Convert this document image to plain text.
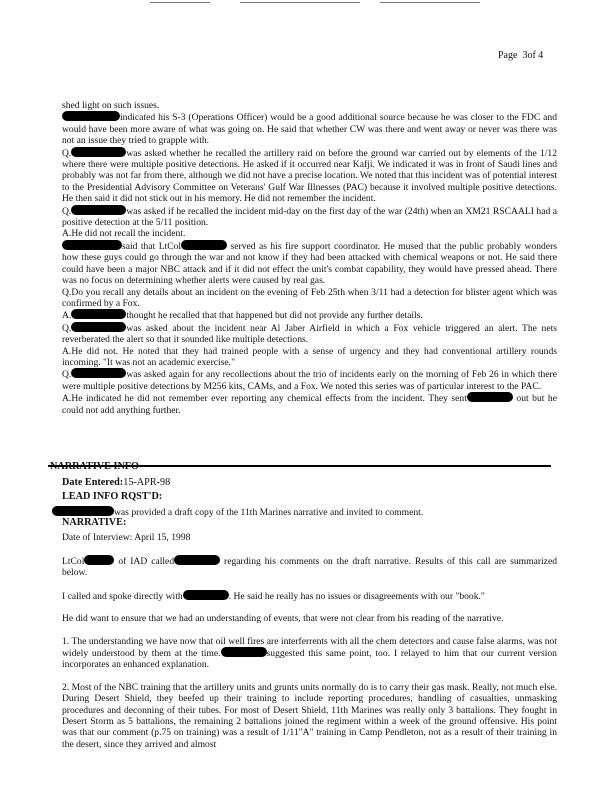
Page 3of 4

shed light on such issues.

indicated his S-3 (Operations Officer) would be a good additional source because he was closer to the FDC and would have been more aware of what was going on. He said that whether CW was there and went away or never was there was not an issue they tried to grapple with.

Q.	was asked whether he recalled the artillery raid on before the ground war carried out by elements of the 1/12 where there were multiple positive detections. He asked if it occurred near Kafji. We indicated it was in front of Saudi lines and probably was not far from there, although we did not have a precise location. We noted that this incident was of potential interest to the Presidential Advisory Committee on Veterans' Gulf War Illnesses (PAC) because it involved multiple positive detections. He then said it did not stick out in his memory. He did not remember the incident.

Q.	was asked if he recalled the incident mid-day on the first day of the war (24th) when an XM21 RSCAALI had a positive detection at the 5/11 position.

A.He did not recall the incident.

said that LtCol	served as his fire support coordinator. He mused that the public probably wonders how these guys could go through the war and not know if they had been attacked with chemical weapons or not. He said there could have been a major NBC attack and if it did not effect the unit's combat capability, they would have pressed ahead. There was no focus on determining whether alerts were caused by real gas.

Q.Do you recall any details about an incident on the evening of Feb 25th when 3/11 had a detection for blister agent which was confirmed by a Fox.

A.	thought he recalled that that happened but did not provide any further details.

Q.	was asked about the incident near Al Jaber Airfield in which a Fox vehicle triggered an alert. The nets reverberated the alert so that it sounded like multiple detections.

A.He did not. He noted that they had trained people with a sense of urgency and they had conventional artillery rounds incoming. "It was not an academic exercise."

Q.	was asked again for any recollections about the trio of incidents early on the morning of Feb 26 in which there were multiple positive detections by M256 kits, CAMs, and a Fox. We noted this series was of particular interest to the PAC.

A.He indicated he did not remember ever reporting any chemical effects from the incident. They sent	out but he could not add anything further.

NARRATIVE INFO
Date Entered:15-APR-98
LEAD INFO RQST'D:
was provided a draft copy of the 11th Marines narrative and invited to comment.
NARRATIVE:
Date of Interview: April 15, 1998

LtCol	of IAD called	regarding his comments on the draft narrative. Results of this call are summarized below.

I called and spoke directly with	. He said he really has no issues or disagreements with our "book."

He did want to ensure that we had an understanding of events, that were not clear from his reading of the narrative.

1. The understanding we have now that oil well fires are interferrents with all the chem detectors and cause false alarms, was not widely understood by them at the time.	suggested this same point, too. I relayed to him that our current version incorporates an enhanced explanation.

2. Most of the NBC training that the artillery units and grunts units normally do is to carry their gas mask. Really, not much else. During Desert Shield, they beefed up their training to include reporting procedures, handling of casualties, unmasking procedures and deconning of their tubes. For most of Desert Shield, 11th Marines was really only 3 battalions. They fought in Desert Storm as 5 battalions, the remaining 2 battalions joined the regiment within a week of the ground offensive. His point was that our comment (p.75 on training) was a result of 1/11"A" training in Camp Pendleton, not as a result of their training in the desert, since they arrived and almost
